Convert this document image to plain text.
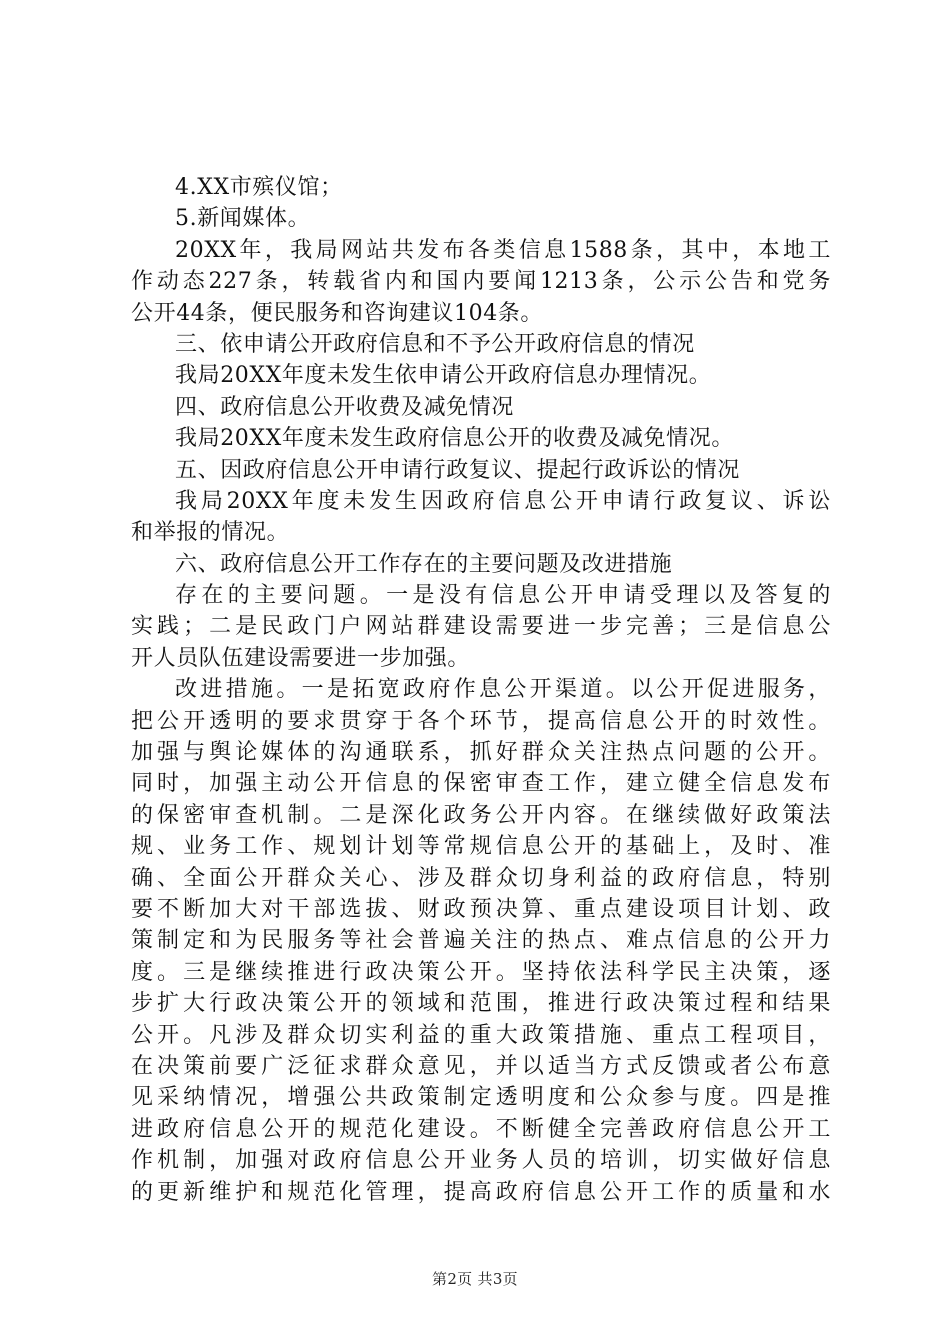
4.XX市殡仪馆；
5.新闻媒体。
20XX年，我局网站共发布各类信息1588条，其中，本地工
作动态227条，转载省内和国内要闻1213条，公示公告和党务
公开44条，便民服务和咨询建议104条。
三、依申请公开政府信息和不予公开政府信息的情况
我局20XX年度未发生依申请公开政府信息办理情况。
四、政府信息公开收费及减免情况
我局20XX年度未发生政府信息公开的收费及减免情况。
五、因政府信息公开申请行政复议、提起行政诉讼的情况
我局20XX年度未发生因政府信息公开申请行政复议、诉讼
和举报的情况。
六、政府信息公开工作存在的主要问题及改进措施
存在的主要问题。一是没有信息公开申请受理以及答复的
实践；二是民政门户网站群建设需要进一步完善；三是信息公
开人员队伍建设需要进一步加强。
改进措施。一是拓宽政府作息公开渠道。以公开促进服务，
把公开透明的要求贯穿于各个环节，提高信息公开的时效性。
加强与舆论媒体的沟通联系，抓好群众关注热点问题的公开。
同时，加强主动公开信息的保密审查工作，建立健全信息发布
的保密审查机制。二是深化政务公开内容。在继续做好政策法
规、业务工作、规划计划等常规信息公开的基础上，及时、准
确、全面公开群众关心、涉及群众切身利益的政府信息，特别
要不断加大对干部选拔、财政预决算、重点建设项目计划、政
策制定和为民服务等社会普遍关注的热点、难点信息的公开力
度。三是继续推进行政决策公开。坚持依法科学民主决策，逐
步扩大行政决策公开的领域和范围，推进行政决策过程和结果
公开。凡涉及群众切实利益的重大政策措施、重点工程项目，
在决策前要广泛征求群众意见，并以适当方式反馈或者公布意
见采纳情况，增强公共政策制定透明度和公众参与度。四是推
进政府信息公开的规范化建设。不断健全完善政府信息公开工
作机制，加强对政府信息公开业务人员的培训，切实做好信息
的更新维护和规范化管理，提高政府信息公开工作的质量和水
第2页 共3页
